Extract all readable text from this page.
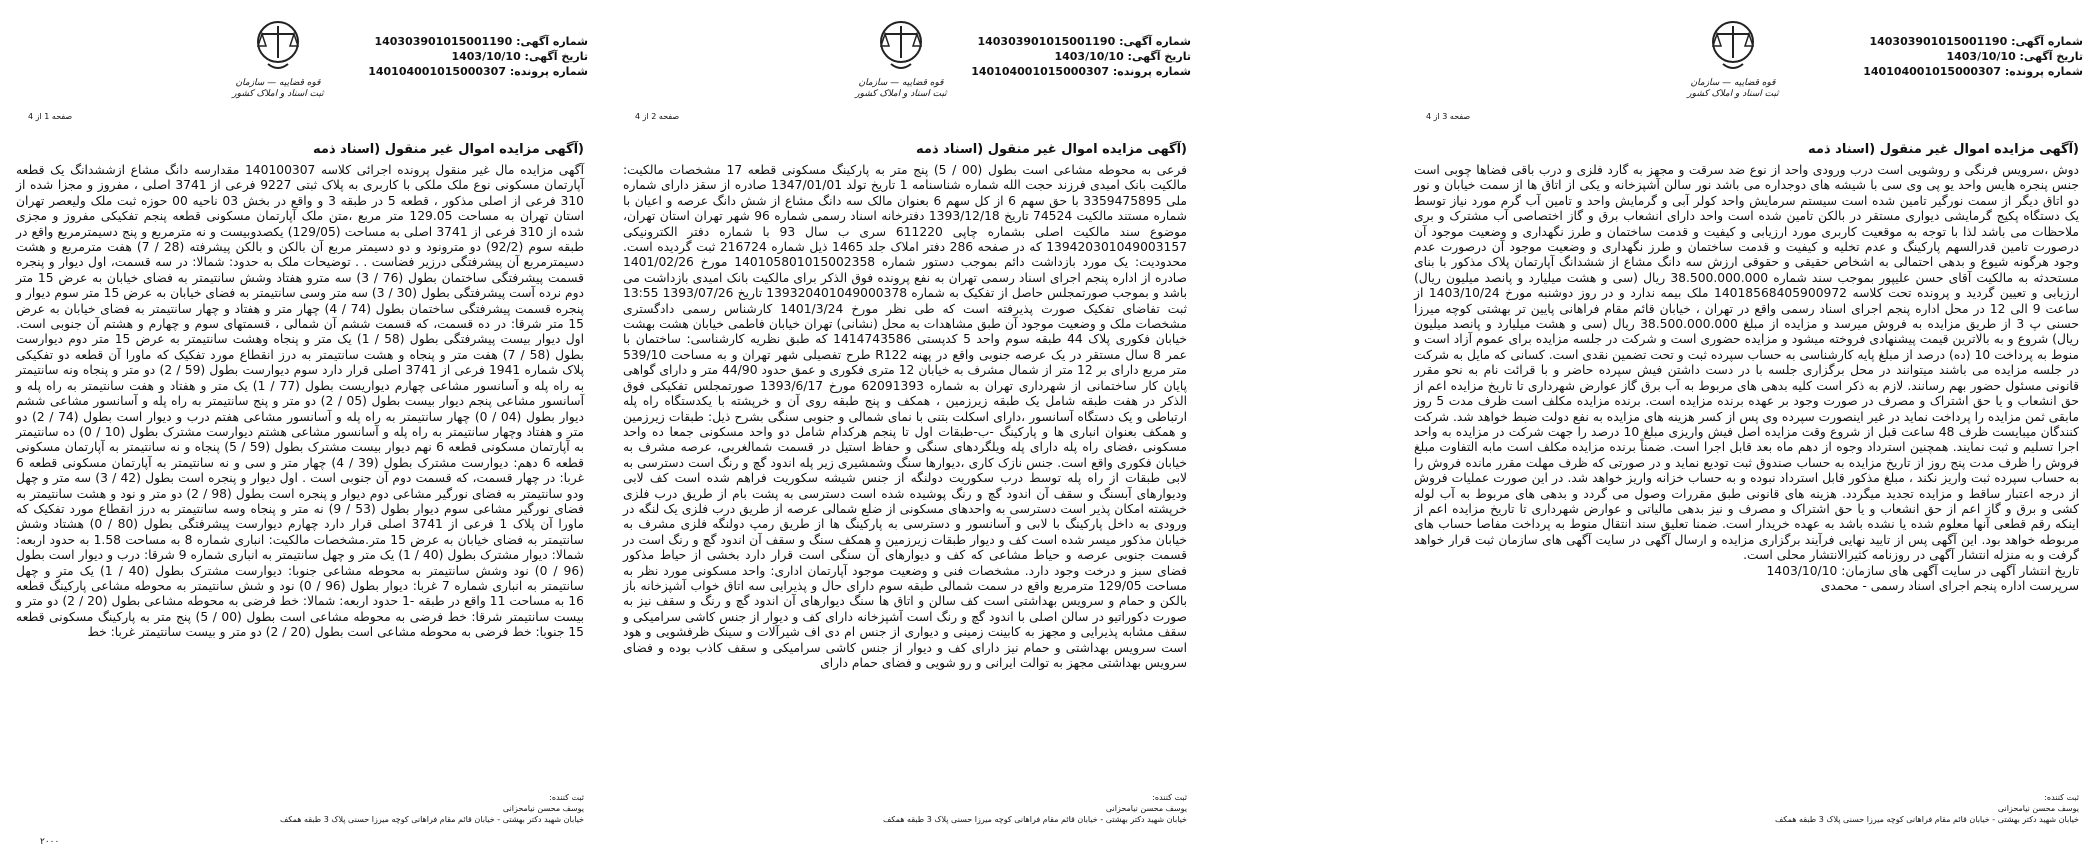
شماره آگهی: 140303901015001190
تاریخ آگهی: 1403/10/10
شماره پرونده: 140104001015000307
قوه قضاییه — سازمان ثبت اسناد و املاک کشور
صفحه 3 از 4
(آگهی مزایده اموال غیر منقول (اسناد ذمه

دوش ،سرویس فرنگی و روشویی است درب ورودی واحد از نوع ضد سرقت و مجهز به گارد فلزی و درب باقی فضاها چوبی است جنس پنجره هایس واحد یو پی وی سی با شیشه های دوجداره می باشد نور سالن آشپزخانه و یکی از اتاق ها از سمت خیابان و نور دو اتاق دیگر از سمت نورگیر تامین شده است سیستم سرمایش واحد کولر آبی و گرمایش واحد و تامین آب گرم مورد نیاز توسط یک دستگاه پکیج گرمایشی دیواری مستقر در بالکن تامین شده است واحد دارای انشعاب برق و گاز اختصاصی آب مشترک و بری ملاحظات می باشد لذا با توجه به موقعیت کاربری مورد ارزیابی و کیفیت و قدمت ساختمان و طرز نگهداری و وضعیت موجود آن درصورت تامین قدرالسهم پارکینگ و عدم تخلیه و کیفیت و قدمت ساختمان و طرز نگهداری و وضعیت موجود آن درصورت عدم وجود هرگونه شیوع و بدهی احتمالی به اشخاص حقیقی و حقوقی ارزش سه دانگ مشاع از ششدانگ آپارتمان پلاک مذکور با بنای مستحدثه به مالکیت آقای حسن علیپور بموجب سند شماره 38.500.000.000 ریال (سی و هشت میلیارد و پانصد میلیون ریال) ارزیابی و تعیین گردید و پرونده تحت کلاسه 14018568405900972 ملک بیمه ندارد و در روز دوشنبه مورخ 1403/10/24 از ساعت 9 الی 12 در محل اداره پنجم اجرای اسناد رسمی واقع در تهران ، خیابان قائم مقام فراهانی پایین تر بهشتی کوچه میرزا حسنی پ 3 از طریق مزایده به فروش میرسد و مزایده از مبلغ 38.500.000.000 ریال (سی و هشت میلیارد و پانصد میلیون ریال) شروع و به بالاترین قیمت پیشنهادی فروخته میشود و مزایده حضوری است و شرکت در جلسه مزایده برای عموم آزاد است و منوط به پرداخت 10 (ده) درصد از مبلغ پایه کارشناسی به حساب سپرده ثبت و تحت تضمین نقدی است. کسانی که مایل به شرکت در جلسه مزایده می باشند میتوانند در محل برگزاری جلسه با در دست داشتن فیش سپرده حاضر و با قرائت نام به نحو مقرر قانونی مسئول حضور بهم رسانند. لازم به ذکر است کلیه بدهی های مربوط به آب برق گاز عوارض شهرداری تا تاریخ مزایده اعم از حق انشعاب و یا حق اشتراک و مصرف در صورت وجود بر عهده برنده مزایده است. برنده مزایده مکلف است ظرف مدت 5 روز مابقی ثمن مزایده را پرداخت نماید در غیر اینصورت سپرده وی پس از کسر هزینه های مزایده به نفع دولت ضبط خواهد شد. شرکت کنندگان میبایست ظرف 48 ساعت قبل از شروع وقت مزایده اصل فیش واریزی مبلغ 10 درصد را جهت شرکت در مزایده به واحد اجرا تسلیم و ثبت نمایند. همچنین استرداد وجوه از دهم ماه بعد قابل اجرا است. ضمناً برنده مزایده مکلف است مابه التفاوت مبلغ فروش را ظرف مدت پنج روز از تاریخ مزایده به حساب صندوق ثبت تودیع نماید و در صورتی که ظرف مهلت مقرر مانده فروش را به حساب سپرده ثبت واریز نکند ، مبلغ مذکور قابل استرداد نبوده و به حساب خزانه واریز خواهد شد. در این صورت عملیات فروش از درجه اعتبار ساقط و مزایده تجدید میگردد. هزینه های قانونی طبق مقررات وصول می گردد و بدهی های مربوط به آب لوله کشی و برق و گاز اعم از حق انشعاب و یا حق اشتراک و مصرف و نیز بدهی مالیاتی و عوارض شهرداری تا تاریخ مزایده اعم از اینکه رقم قطعی آنها معلوم شده یا نشده باشد به عهده خریدار است. ضمنا تعلیق سند انتقال منوط به پرداخت مفاصا حساب های مربوطه خواهد بود. این آگهی پس از تایید نهایی فرآیند برگزاری مزایده و ارسال آگهی در سایت آگهی های سازمان ثبت قرار خواهد گرفت و به منزله انتشار آگهی در روزنامه کثیرالانتشار محلی است.

تاریخ انتشار آگهی در سایت آگهی های سازمان: 1403/10/10

سرپرست اداره پنجم اجرای اسناد رسمی - محمدی

ثبت کننده:
یوسف محسن نیامحزانی
خیابان شهید دکتر بهشتی - خیابان قائم مقام فراهانی کوچه میرزا حسنی پلاک 3 طبقه همکف
شماره آگهی: 140303901015001190
تاریخ آگهی: 1403/10/10
شماره پرونده: 140104001015000307
قوه قضاییه — سازمان ثبت اسناد و املاک کشور
صفحه 2 از 4
(آگهی مزایده اموال غیر منقول (اسناد ذمه

فرعی به محوطه مشاعی است بطول (00 / 5) پنج متر به پارکینگ مسکونی قطعه 17 مشخصات مالکیت: مالکیت بانک امیدی فرزند حجت الله شماره شناسنامه 1 تاریخ تولد 1347/01/01 صادره از سقز دارای شماره ملی 3359475895 با حق سهم 6 از کل سهم 6 بعنوان مالک سه دانگ مشاع از شش دانگ عرصه و اعیان با شماره مستند مالکیت 74524 تاریخ 1393/12/18 دفترخانه اسناد رسمی شماره 96 شهر تهران استان تهران، موضوع سند مالکیت اصلی بشماره چاپی 611220 سری ب سال 93 با شماره دفتر الکترونیکی 139420301049003157 که در صفحه 286 دفتر املاک جلد 1465 ذیل شماره 216724 ثبت گردیده است. محدودیت: یک مورد بازداشت دائم بموجب دستور شماره 140105801015002358 مورخ 1401/02/26 صادره از اداره پنجم اجرای اسناد رسمی تهران به نفع پرونده فوق الذکر برای مالکیت بانک امیدی بازداشت می باشد و بموجب صورتمجلس حاصل از تفکیک به شماره 139320401049000378 تاریخ 1393/07/26 13:55 ثبت تفاضای تفکیک صورت پذیرفته است که طی نظر مورخ 1401/3/24 کارشناس رسمی دادگستری مشخصات ملک و وضعیت موجود آن طبق مشاهدات به محل (نشانی) تهران خیابان فاطمی خیابان هشت بهشت خیابان فکوری پلاک 44 طبقه سوم واحد 5 کدپستی 1414743586 که طبق نظریه کارشناسی: ساختمان با عمر 8 سال مستقر در یک عرصه جنوبی واقع در پهنه R122 طرح تفصیلی شهر تهران و به مساحت 539/10 متر مربع دارای بر 12 متر از شمال مشرف به خیابان 12 متری فکوری و عمق حدود 44/90 متر و دارای گواهی پایان کار ساختمانی از شهرداری تهران به شماره 62091393 مورخ 1393/6/17 صورتمجلس تفکیکی فوق الذکر در هفت طبقه شامل یک طبقه زیرزمین ، همکف و پنج طبقه روی آن و خرپشته با یکدستگاه راه پله ارتباطی و یک دستگاه آسانسور ،دارای اسکلت بتنی با نمای شمالی و جنوبی سنگی بشرح ذیل: طبقات زیرزمین و همکف بعنوان انباری ها و پارکینگ -ب-طبقات اول تا پنجم هرکدام شامل دو واحد مسکونی جمعا ده واحد مسکونی ،فضای راه پله دارای پله ویلگردهای سنگی و حفاظ استیل در قسمت شمالغربی، عرصه مشرف به خیابان فکوری واقع است. جنس نازک کاری ،دیوارها سنگ وشمشیری زیر پله اندود گچ و رنگ است دسترسی به لابی طبقات از راه پله توسط درب سکوریت دولنگه از جنس شیشه سکوریت فراهم شده است کف لابی ودیوارهای آبسنگ و سقف آن اندود گچ و رنگ پوشیده شده است دسترسی به پشت بام از طریق درب فلزی خرپشته امکان پذیر است دسترسی به واحدهای مسکونی از ضلع شمالی عرصه از طریق درب فلزی یک لنگه در ورودی به داخل پارکینگ با لابی و آسانسور و دسترسی به پارکینگ ها از طریق رمپ دولنگه فلزی مشرف به خیابان مذکور میسر شده است کف و دیوار طبقات زیرزمین و همکف سنگ و سقف آن اندود گچ و رنگ است در قسمت جنوبی عرصه و حیاط مشاعی که کف و دیوارهای آن سنگی است قرار دارد بخشی از حیاط مذکور فضای سبز و درخت وجود دارد. مشخصات فنی و وضعیت موجود آپارتمان اداری: واحد مسکونی مورد نظر به مساحت 129/05 مترمربع واقع در سمت شمالی طبقه سوم دارای حال و پذیرایی سه اتاق خواب آشپزخانه باز بالکن و حمام و سرویس بهداشتی است کف سالن و اتاق ها سنگ دیوارهای آن اندود گچ و رنگ و سقف نیز به صورت دکوراتیو در سالن اصلی با اندود گچ و رنگ است آشپزخانه دارای کف و دیوار از جنس کاشی سرامیکی و سقف مشابه پذیرایی و مجهز به کابینت زمینی و دیواری از جنس ام دی اف شیرآلات و سینک ظرفشویی و هود است سرویس بهداشتی و حمام نیز دارای کف و دیوار از جنس کاشی سرامیکی و سقف کاذب بوده و فضای سرویس بهداشتی مجهز به توالت ایرانی و رو شویی و فضای حمام دارای

ثبت کننده:
یوسف محسن نیامحزانی
خیابان شهید دکتر بهشتی - خیابان قائم مقام فراهانی کوچه میرزا حسنی پلاک 3 طبقه همکف
شماره آگهی: 140303901015001190
تاریخ آگهی: 1403/10/10
شماره پرونده: 140104001015000307
قوه قضاییه — سازمان ثبت اسناد و املاک کشور
صفحه 1 از 4
(آگهی مزایده اموال غیر منقول (اسناد ذمه

آگهی مزایده مال غیر منقول پرونده اجرائی کلاسه 140100307 مقدارسه دانگ مشاع ازششدانگ یک قطعه آپارتمان مسکونی نوع ملک ملکی با کاربری به پلاک ثبتی 9227 فرعی از 3741 اصلی ، مفروز و مجزا شده از 310 فرعی از اصلی مذکور ، قطعه 5 در طبقه 3 و واقع در بخش 03 ناحیه 00 حوزه ثبت ملک ولیعصر تهران استان تهران به مساحت 129.05 متر مربع ،متن ملک آپارتمان مسکونی قطعه پنجم تفکیکی مفروز و مجزی شده از 310 فرعی از 3741 اصلی به مساحت (129/05) یکصدوبیست و نه مترمربع و پنج دسیمترمربع واقع در طبقه سوم (92/2) دو مترونود و دو دسیمتر مربع آن بالکن و بالکن پیشرفته (28 / 7) هفت مترمربع و هشت دسیمترمربع آن پیشرفتگی درزیر فضاست . . توضیحات ملک به حدود: شمالا: در سه قسمت، اول دیوار و پنجره قسمت پیشرفتگی ساختمان بطول (76 / 3) سه مترو هفتاد وشش سانتیمتر به فضای خیابان به عرض 15 متر دوم نرده آست پیشرفتگی بطول (30 / 3) سه متر وسی سانتیمتر به فضای خیابان به عرض 15 متر سوم دیوار و پنجره قسمت پیشرفتگی ساختمان بطول (74 / 4) چهار متر و هفتاد و چهار سانتیمتر به فضای خیابان به عرض 15 متر شرقا: در ده قسمت، که قسمت ششم آن شمالی ، قسمتهای سوم و چهارم و هشتم آن جنوبی است. اول دیوار بیست پیشرفتگی بطول (58 / 1) یک متر و پنجاه وهشت سانتیمتر به عرض 15 متر دوم دیوارست بطول (58 / 7) هفت متر و پنجاه و هشت سانتیمتر به درز انقطاع مورد تفکیک که ماورا آن قطعه دو تفکیکی پلاک شماره 1941 فرعی از 3741 اصلی قرار دارد سوم دیوارست بطول (59 / 2) دو متر و پنجاه ونه سانتیمتر به راه پله و آسانسور مشاعی چهارم دیواریست بطول (77 / 1) یک متر و هفتاد و هفت سانتیمتر به راه پله و آسانسور مشاعی پنجم دیوار بیست بطول (05 / 2) دو متر و پنج سانتیمتر به راه پله و آسانسور مشاعی ششم دیوار بطول (04 / 0) چهار سانتیمتر به راه پله و آسانسور مشاعی هفتم درب و دیوار است بطول (74 / 2) دو متر و هفتاد وچهار سانتیمتر به راه پله و آسانسور مشاعی هشتم دیوارست مشترک بطول (10 / 0) ده سانتیمتر به آپارتمان مسکونی قطعه 6 نهم دیوار بیست مشترک بطول (59 / 5) پنجاه و نه سانتیمتر به آپارتمان مسکونی قطعه 6 دهم: دیوارست مشترک بطول (39 / 4) چهار متر و سی و نه سانتیمتر به آپارتمان مسکونی قطعه 6 غربا: در چهار قسمت، که قسمت دوم آن جنوبی است . اول دیوار و پنجره است بطول (42 / 3) سه متر و چهل ودو سانتیمتر به فضای نورگیر مشاعی دوم دیوار و پنجره است بطول (98 / 2) دو متر و نود و هشت سانتیمتر به فضای نورگیر مشاعی سوم دیوار بطول (53 / 9) نه متر و پنجاه وسه سانتیمتر به درز انقطاع مورد تفکیک که ماورا آن پلاک 1 فرعی از 3741 اصلی قرار دارد چهارم دیوارست پیشرفتگی بطول (80 / 0) هشتاد وشش سانتیمتر به فضای خیابان به عرض 15 متر.مشخصات مالکیت: انباری شماره 8 به مساحت 1.58 به حدود اربعه: شمالا: دیوار مشترک بطول (40 / 1) یک متر و چهل سانتیمتر به انباری شماره 9 شرقا: درب و دیوار است بطول (96 / 0) نود وشش سانتیمتر به محوطه مشاعی جنوبا: دیوارست مشترک بطول (40 / 1) یک متر و چهل سانتیمتر به انباری شماره 7 غربا: دیوار بطول (96 / 0) نود و شش سانتیمتر به محوطه مشاعی پارکینگ قطعه 16 به مساحت 11 واقع در طبقه -1 حدود اربعه: شمالا: خط فرضی به محوطه مشاعی بطول (20 / 2) دو متر و بیست سانتیمتر شرقا: خط فرضی به محوطه مشاعی است بطول (00 / 5) پنج متر به پارکینگ مسکونی قطعه 15 جنوبا: خط فرضی به محوطه مشاعی است بطول (20 / 2) دو متر و بیست سانتیمتر غربا: خط

ثبت کننده:
یوسف محسن نیامحزانی
خیابان شهید دکتر بهشتی - خیابان قائم مقام فراهانی کوچه میرزا حسنی پلاک 3 طبقه همکف
۲۰۰۰
